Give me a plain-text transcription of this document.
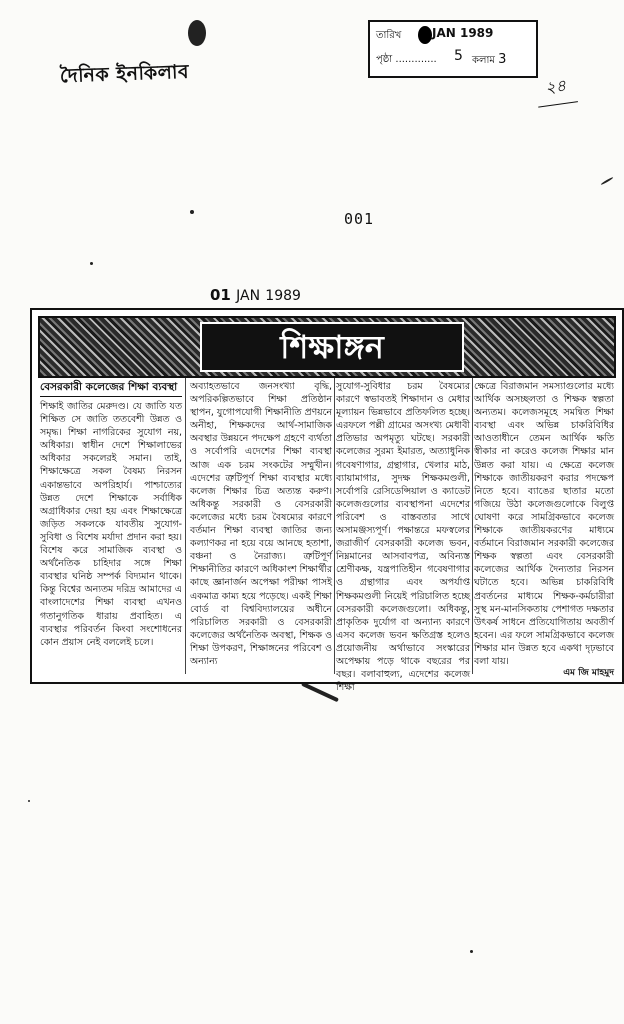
দৈনিক ইনকিলাব
তারিখ	JAN 1989
পৃষ্ঠা ............. 5 কলাম 3
২৪
001
01 JAN 1989
শিক্ষাঙ্গন
বেসরকারী কলেজের শিক্ষা ব্যবস্থা
শিক্ষাই জাতির মেরুদণ্ড। যে জাতি যত শিক্ষিত সে জাতি ততবেশী উন্নত ও সমৃদ্ধ। শিক্ষা নাগরিকের সুযোগ নয়, অধিকার। স্বাধীন দেশে শিক্ষালাভের অধিকার সকলেরই সমান। তাই, শিক্ষাক্ষেত্রে সকল বৈষম্য নিরসন একান্তভাবে অপরিহার্য। পাশ্চাত্যের উন্নত দেশে শিক্ষাকে সর্বাধিক অগ্রাধিকার দেয়া হয় এবং শিক্ষাক্ষেত্রে জড়িত সকলকে যাবতীয় সুযোগ-সুবিধা ও বিশেষ মর্যাদা প্রদান করা হয়। বিশেষ করে সামাজিক ব্যবস্থা ও অর্থনৈতিক চাহিদার সঙ্গে শিক্ষা ব্যবস্থার ঘনিষ্ঠ সম্পর্ক বিদ্যমান থাকে। কিন্তু বিশ্বের অন্যতম দরিদ্র আমাদের এ বাংলাদেশের শিক্ষা ব্যবস্থা এখনও গতানুগতিক ধারায় প্রবাহিত। এ ব্যবস্থার পরিবর্তন কিংবা সংশোধনের কোন প্রয়াস নেই বললেই চলে।
অব্যাহতভাবে জনসংখ্যা বৃদ্ধি, অপরিকল্পিতভাবে শিক্ষা প্রতিষ্ঠান স্থাপন, যুগোপযোগী শিক্ষানীতি প্রণয়নে অনীহা, শিক্ষকদের আর্থ-সামাজিক অবস্থার উন্নয়নে পদক্ষেপ গ্রহণে ব্যর্থতা ও সর্বোপরি এদেশের শিক্ষা ব্যবস্থা আজ এক চরম সংকটের সম্মুখীন। এদেশের ত্রুটিপূর্ণ শিক্ষা ব্যবস্থার মধ্যে কলেজ শিক্ষার চিত্র অত্যন্ত করুণ। অধিকন্তু সরকারী ও বেসরকারী কলেজের মধ্যে চরম বৈষম্যের কারণে বর্তমান শিক্ষা ব্যবস্থা জাতির জন্য কল্যাণকর না হয়ে বয়ে আনছে হতাশা, বঞ্চনা ও নৈরাজ্য। ত্রুটিপূর্ণ শিক্ষানীতির কারণে অধিকাংশ শিক্ষার্থীর কাছে জ্ঞানার্জন অপেক্ষা পরীক্ষা পাসই একমাত্র কাম্য হয়ে পড়েছে। একই শিক্ষা বোর্ড বা বিশ্ববিদ্যালয়ের অধীনে পরিচালিত সরকারী ও বেসরকারী কলেজের অর্থনৈতিক অবস্থা, শিক্ষক ও শিক্ষা উপকরণ, শিক্ষাঙ্গনের পরিবেশ ও অন্যান্য
সুযোগ-সুবিধার চরম বৈষম্যের কারণে স্বভাবতই শিক্ষাদান ও মেধার মূল্যায়ন ভিন্নভাবে প্রতিফলিত হচ্ছে। এরফলে পল্লী গ্রামের অসংখ্য মেধাবী প্রতিভার অপমৃত্যু ঘটছে। সরকারী কলেজের সুরম্য ইমারত, অত্যাধুনিক গবেষণাগার, গ্রন্থাগার, খেলার মাঠ, ব্যায়ামাগার, সুদক্ষ শিক্ষকমণ্ডলী, সর্বোপরি রেসিডেন্সিয়াল ও ক্যাডেট কলেজগুলোর ব্যবস্থাপনা এদেশের পরিবেশ ও বাস্তবতার সাথে অসামঞ্জস্যপূর্ণ। পক্ষান্তরে মফস্বলের জরাজীর্ণ বেসরকারী কলেজ ভবন, নিম্নমানের আসবাবপত্র, অবিন্যস্ত শ্রেণীকক্ষ, যন্ত্রপাতিহীন গবেষণাগার ও গ্রন্থাগার এবং অপর্যাপ্ত শিক্ষকমণ্ডলী নিয়েই পরিচালিত হচ্ছে বেসরকারী কলেজগুলো। অধিকন্তু, প্রাকৃতিক দুর্যোগ বা অন্যান্য কারণে এসব কলেজ ভবন ক্ষতিগ্রস্ত হলেও প্রয়োজনীয় অর্থাভাবে সংস্কারের অপেক্ষায় পড়ে থাকে বছরের পর বছর। বলাবাহুল্য, এদেশের কলেজ শিক্ষা
ক্ষেত্রে বিরাজমান সমস্যাগুলোর মধ্যে আর্থিক অসচ্ছলতা ও শিক্ষক স্বল্পতা অন্যতম। কলেজসমূহে সমন্বিত শিক্ষা ব্যবস্থা এবং অভিন্ন চাকরিবিধির আওতাধীনে তেমন আর্থিক ক্ষতি স্বীকার না করেও কলেজ শিক্ষার মান উন্নত করা যায়। এ ক্ষেত্রে কলেজ শিক্ষাকে জাতীয়করণ করার পদক্ষেপ নিতে হবে। ব্যাঙের ছাতার মতো গজিয়ে উঠা কলেজগুলোকে বিলুপ্ত ঘোষণা করে সামগ্রিকভাবে কলেজ শিক্ষাকে জাতীয়করণের মাধ্যমে বর্তমানে বিরাজমান সরকারী কলেজের শিক্ষক স্বল্পতা এবং বেসরকারী কলেজের আর্থিক দৈন্যতার নিরসন ঘটাতে হবে। অভিন্ন চাকরিবিধি প্রবর্তনের মাধ্যমে শিক্ষক-কর্মচারীরা সুস্থ মন-মানসিকতায় পেশাগত দক্ষতার উৎকর্ষ সাধনে প্রতিযোগিতায় অবতীর্ণ হবেন। এর ফলে সামগ্রিকভাবে কলেজ শিক্ষার মান উন্নত হবে একথা দৃঢ়ভাবে বলা যায়।
এম জি মাহমুদ
